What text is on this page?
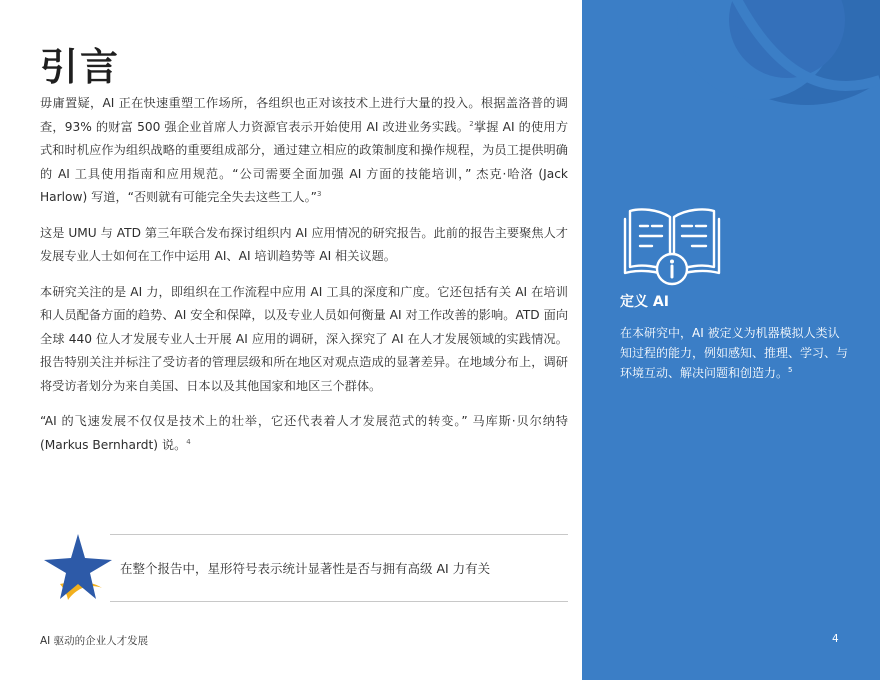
引言

毋庸置疑，AI 正在快速重塑工作场所，各组织也正对该技术上进行大量的投入。根据盖洛普的调查，93% 的财富 500 强企业首席人力资源官表示开始使用 AI 改进业务实践。$^2$掌握 AI 的使用方式和时机应作为组织战略的重要组成部分，通过建立相应的政策制度和操作规程，为员工提供明确的 AI 工具使用指南和应用规范。“公司需要全面加强 AI 方面的技能培训，” 杰克·哈洛 (Jack Harlow) 写道，“否则就有可能完全失去这些工人。”$^3$

这是 UMU 与 ATD 第三年联合发布探讨组织内 AI 应用情况的研究报告。此前的报告主要聚焦人才发展专业人士如何在工作中运用 AI、AI 培训趋势等 AI 相关议题。

本研究关注的是 AI 力，即组织在工作流程中应用 AI 工具的深度和广度。它还包括有关 AI 在培训和人员配备方面的趋势、AI 安全和保障，以及专业人员如何衡量 AI 对工作改善的影响。ATD 面向全球 440 位人才发展专业人士开展 AI 应用的调研，深入探究了 AI 在人才发展领域的实践情况。报告特别关注并标注了受访者的管理层级和所在地区对观点造成的显著差异。在地域分布上，调研将受访者划分为来自美国、日本以及其他国家和地区三个群体。

“AI 的飞速发展不仅仅是技术上的壮举，它还代表着人才发展范式的转变。” 马库斯·贝尔纳特 (Markus Bernhardt) 说。$^4$

在整个报告中，星形符号表示统计显著性是否与拥有高级 AI 力有关
AI 驱动的企业人才发展
定义 AI

在本研究中，AI 被定义为机器模拟人类认知过程的能力，例如感知、推理、学习、与环境互动、解决问题和创造力。$^5$

4
